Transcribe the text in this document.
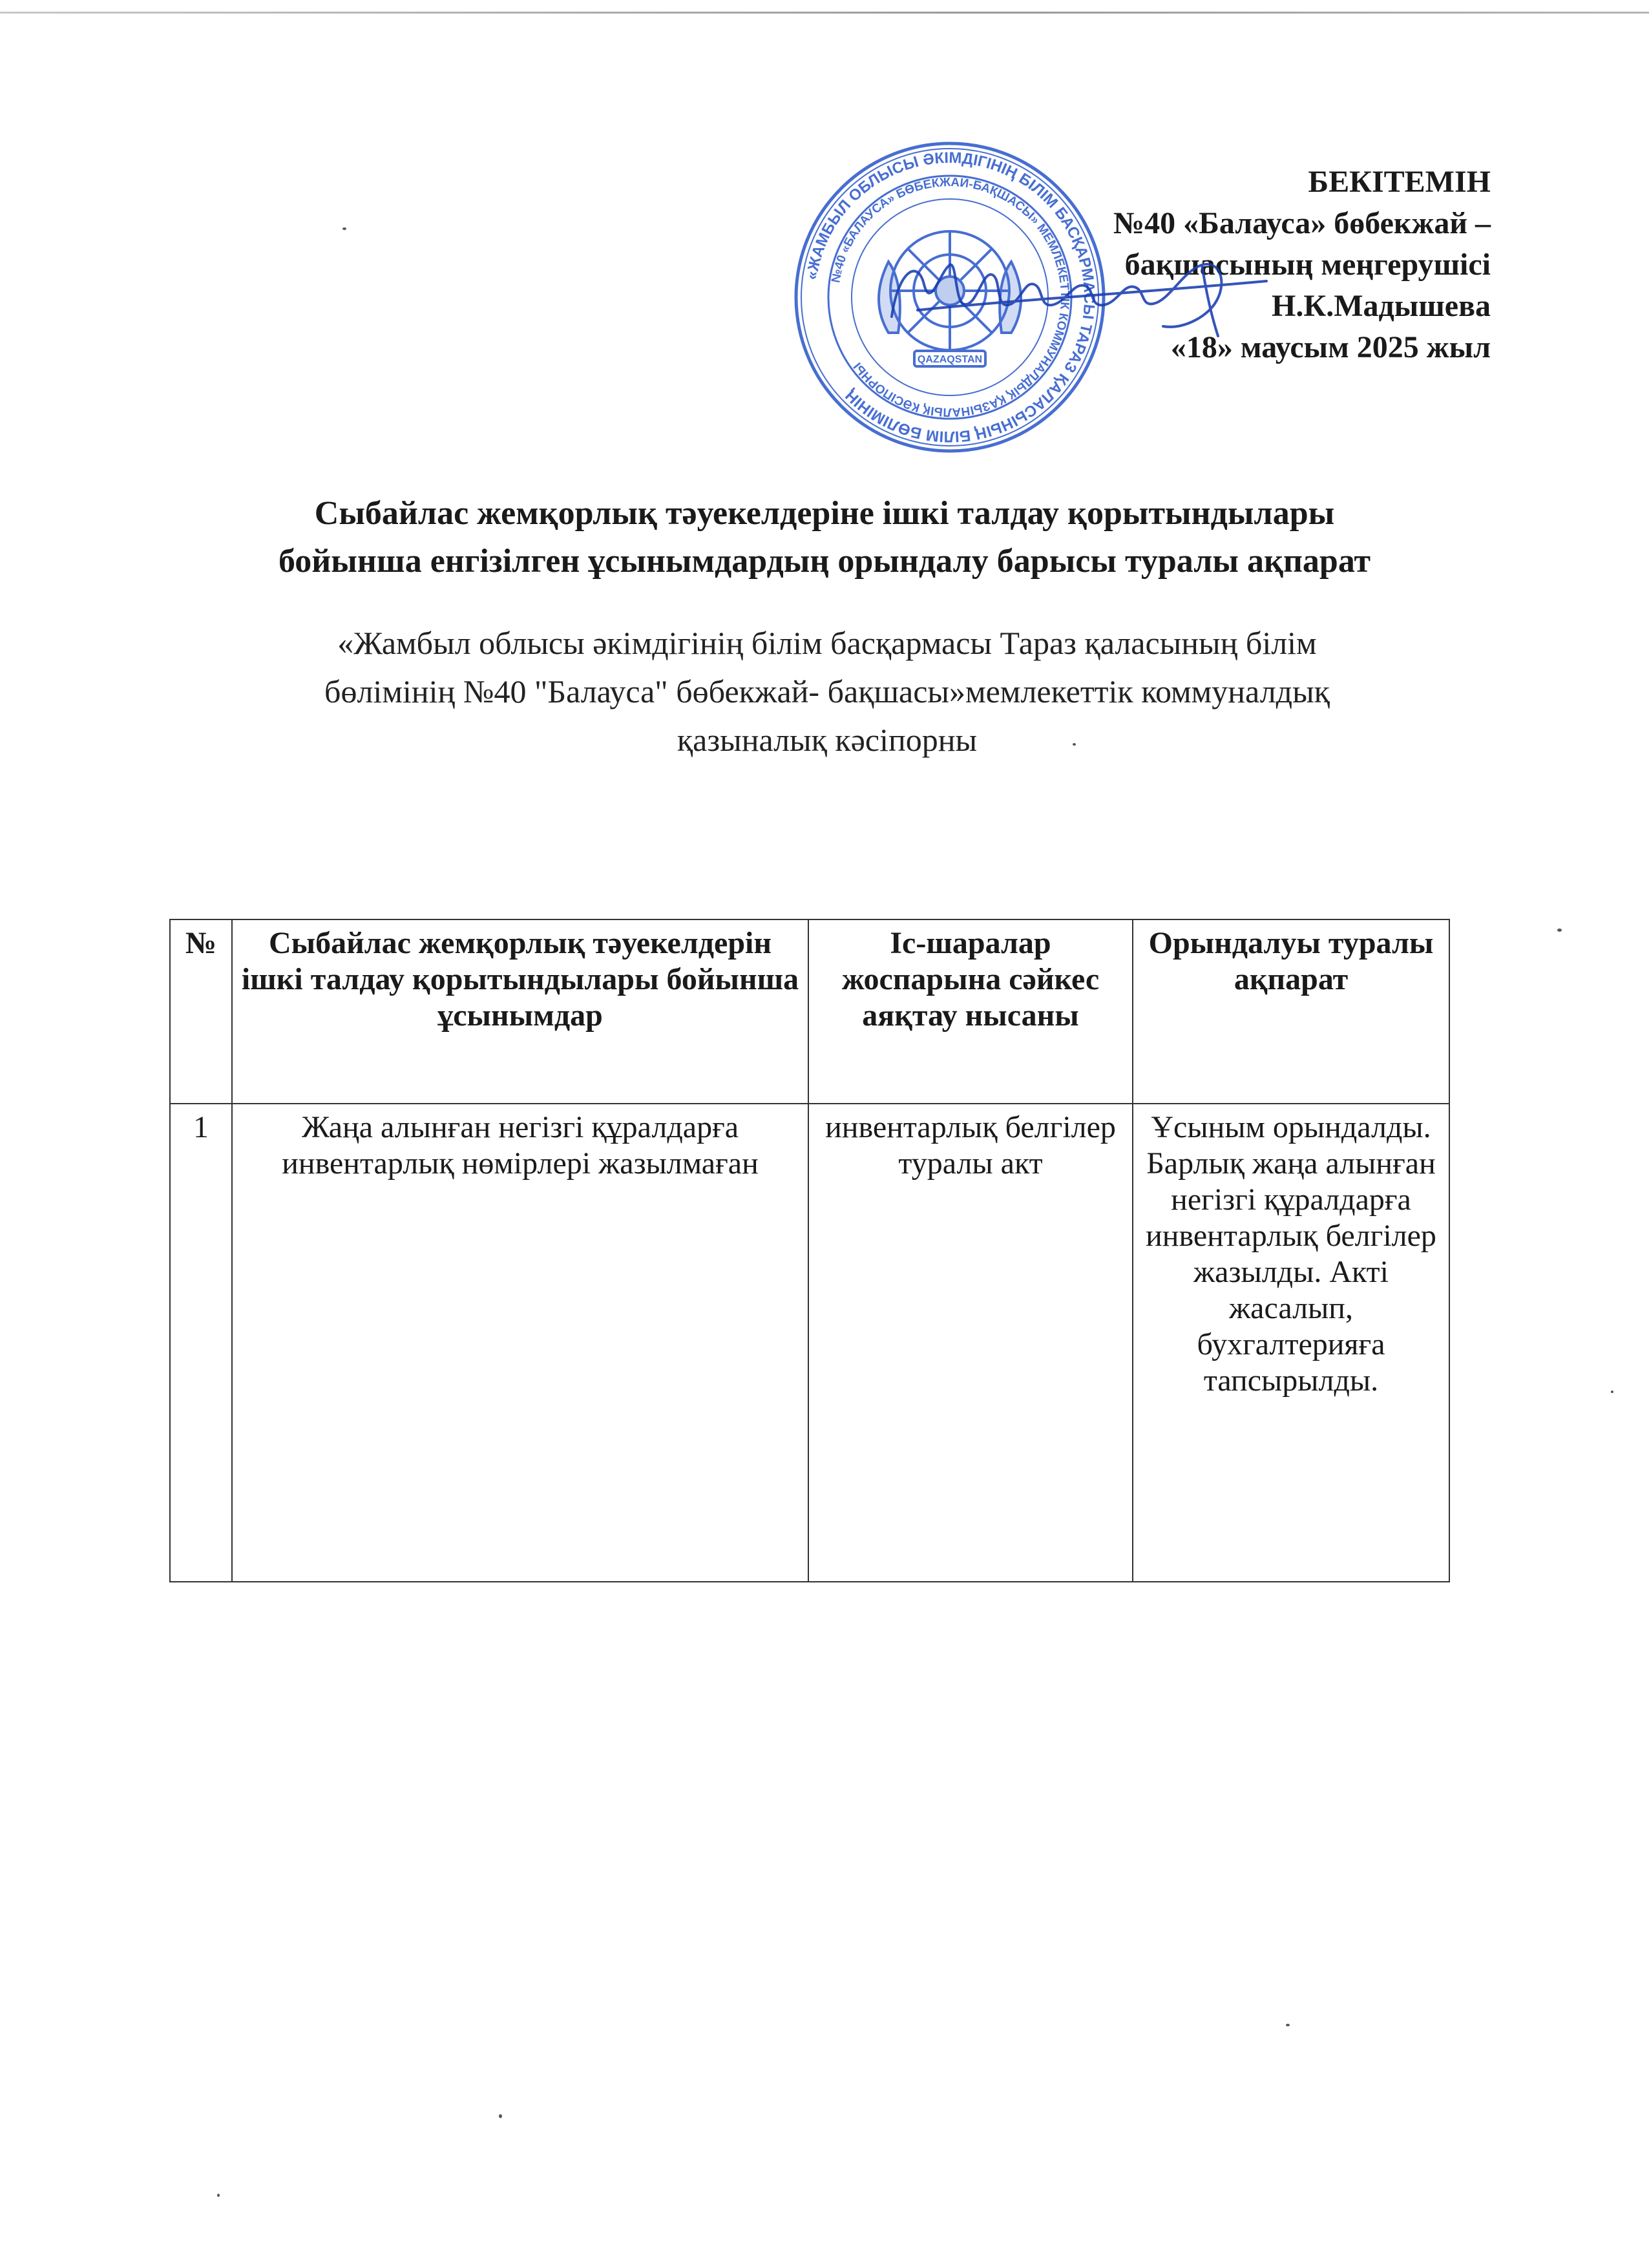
БЕКІТЕМІН
№40 «Балауса» бөбекжай –
бақшасының меңгерушісі
Н.К.Мадышева
«18» маусым 2025 жыл
«ЖАМБЫЛ ОБЛЫСЫ ӘКІМДІГІНІҢ БІЛІМ БАСҚАРМАСЫ ТАРАЗ ҚАЛАСЫНЫҢ БІЛІМ БӨЛІМІНІҢ
№40 «БАЛАУСА» БӨБЕКЖАЙ-БАҚШАСЫ» МЕМЛЕКЕТТІК КОММУНАЛДЫҚ ҚАЗЫНАЛЫҚ КӘСІПОРНЫ
QAZAQSTAN
Сыбайлас жемқорлық тәуекелдеріне ішкі талдау қорытындылары
бойынша енгізілген ұсынымдардың орындалу барысы туралы ақпарат
«Жамбыл облысы әкімдігінің білім басқармасы Тараз қаласының білім
бөлімінің №40 "Балауса" бөбекжай- бақшасы»мемлекеттік коммуналдық
қазыналық кәсіпорны
№	Сыбайлас жемқорлық тәуекелдерін ішкі талдау қорытындылары бойынша ұсынымдар	Іс-шаралар жоспарына сәйкес аяқтау нысаны	Орындалуы туралы ақпарат
1	Жаңа алынған негізгі құралдарға инвентарлық нөмірлері жазылмаған	инвентарлық белгілер туралы акт	Ұсыным орындалды. Барлық жаңа алынған негізгі құралдарға инвентарлық белгілер жазылды. Акті жасалып, бухгалтерияға тапсырылды.
